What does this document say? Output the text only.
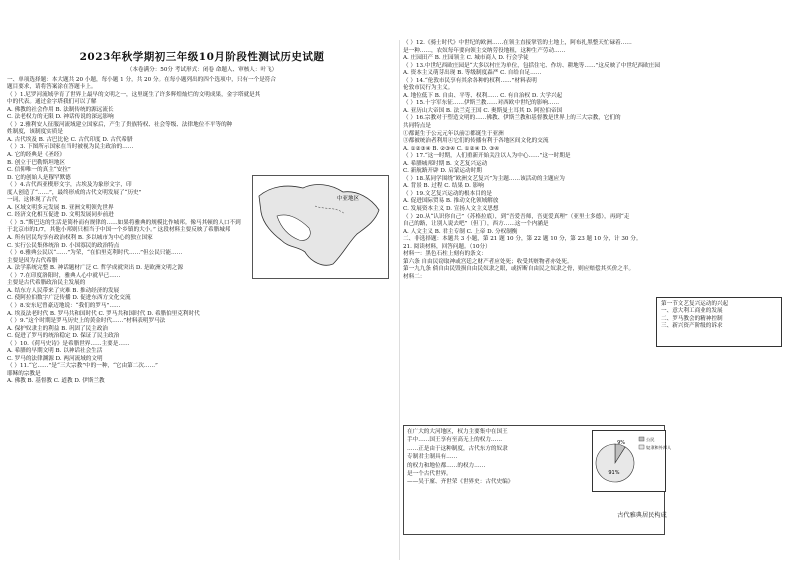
2023年秋学期初三年级10月阶段性测试历史试题
（本卷满分：50分 考试形式：闭卷 命题人、审核人：叶飞）
一、单项选择题：本大题共 20 小题，每小题 1 分，共 20 分。在每小题列出的四个选项中，只有一个是符合
题目要求，请将答案涂在答题卡上。
（ ）1.尼罗河流域孕育了世界上最早的文明之一，这里诞生了许多辉煌灿烂的文明成果，金字塔就是其
中的代表。通过金字塔我们可以了解
A. 佛教的社会作用 B. 法制传统的源远流长
C. 法老权力的无限 D. 神话传说的深远影响
（ ）2.雅利安人征服河流域建立国家后，产生了贵族特权、社会等级、法律地位不平等的种
姓制度，该制度实质是
A. 古代埃及 B. 古巴比伦 C. 古代印度 D. 古代希腊
（ ）3. 下图所示国家在当时被视为民主政治的……
A. 它的经典是《圣经》
B. 创立于巴勒斯坦地区
C. 信仰唯一的真主“安拉”
D. 它的创始人是穆罕默德
（ ）4.古代西亚楔形文字，古埃及为象形文字，印
度人创造了“……”，最终形成的古代文明发展了“历史”
一词，这体现了古代
A. 区域文明多元发展 B. 亚洲文明领先世界
C. 经济文化相互促进 D. 文明发展同步前进
（ ）5.“斯巴达的生活是简朴而有规律的……如果将雅典的规模比作城邦。像马其顿的人口不到
于北京市的1/7，其他小邦则只相当于中国一个乡镇的大小。” 这段材料主要反映了希腊城邦
A. 所有居民均享有政治权利 B. 多以城市为中心的独立国家
C. 实行公民集体统治 D. 小国寡民的政治特点
（ ）6.雅典公民以“……”为荣，“在伯里克利时代……”但公民只能……
主要是因为古代希腊
A. 法学系统完整 B. 神话题材广泛 C. 哲学成就突出 D. 是欧洲文明之源
（ ）7.在印度洛阳时，雅典人心中就早已……
主要是古代希腊政治民主发展的
A. 结东方人民带来了灾难 B. 推动经济的发展
C. 使阿拉伯数字广泛传播 D. 促进东西方文化交流
（ ）8.安东尼曾豪迈地说：“我们的罗马”……
A. 埃及法老时代 B. 罗马共和国时代 C. 罗马共和国时代 D. 希腊伯里克利时代
（ ）9.“这个时期是罗马历史上的黄金时代……”材料表明罗马法
A. 保护奴隶主的利益 B. 巩固了民主政治
C. 促进了罗马的统治稳定 D. 保证了民主政治
（ ）10.《荷马史诗》是希腊世界……主要是……
A. 希腊的早期文明 B. 以神话社会生活
C. 罗马的法律渊源 D. 两河流域的文明
（ ）11.“它……”是“三大宗教”中的一种，“它由第二次……”
耶稣的宗教是
A. 佛教 B. 基督教 C. 道教 D. 伊斯兰教
（ ）12.《骑士时代》中世纪的欧洲……在领主直接掌管的土地上，阿布扎黑整天忙碌着……
是一种……，农奴每年要向领主交纳劳役地租，这种生产劳动……
A. 庄园田产 B. 庄园领主 C. 城市商人 D. 行会学徒
（ ）13.中世纪西欧庄园是“大多以村庄为单位，包括住宅、作坊、耕地等……”这反映了中世纪西欧庄园
A. 资本主义萌芽出现 B. 等级制度森严 C. 自给自足……
（ ）14.“伦敦市民享有其余各种的权利……”材料表明
伦敦市民行为主义。
A. 地位低下 B. 自由、平等、权利…… C. 有自治权 D. 大学兴起
（ ）15.十字军东征……伊斯兰教……对西欧中世纪的影响……
A. 亚历山大帝国 B. 法兰克王国 C. 奥斯曼土耳其 D. 阿拉伯帝国
（ ）16.宗教对于塑造文明的……佛教、伊斯兰教和基督教是世界上的三大宗教，它们的
共同特点是
①都诞生于公元元年以前②都诞生于亚洲
③都被统治者利用④它们的传播有利于各地区间文化的交流
A. ①②③④ B. ②③④ C. ①②④ D. ③④
（ ）17.“这一时期，人们重新开始关注以人为中心……”这一时期是
A. 希腊城邦时期 B. 文艺复兴运动
C. 新航路开辟 D. 启蒙运动时期
（ ）18.某同学围绕“欧洲文艺复兴”为主题……该活动的主题应为
A. 背景 B. 过程 C. 结果 D. 影响
（ ）19.文艺复兴运动的根本目的是
A. 促进国际贸易 B. 推动文化领域解放
C. 发展资本主义 D. 宣扬人文主义思想
（ ）20.从“认识你自己”（苏格拉底），到“吾爱吾师，吾更爱真理”（亚里士多德），再到“走
自己的路，让别人说去吧”（但丁），西方……这一个内涵是
A. 人文主义 B. 君主专制 C. 上帝 D. 分权制衡
二、非选择题：本题共 3 小题，第 21 题 10 分，第 22 题 10 分，第 23 题 10 分，计 30 分。
21. 阅读材料，回答问题。（10分）
材料一：黑色石柱上刻有的条文：
第六条 自由民窃取神或宫廷之财产者应处死；收受其赃物者亦处死。
第一九九条 倘自由民毁损自由民奴隶之眼，或折断自由民之奴隶之骨，则应赔偿其买价之半。
材料二：
中亚地区
第一节文艺复兴运动的兴起
一、意大利工商业的发展
二、罗马教会的精神控制
三、新兴资产阶级的诉求
在广大的大河地区，权力主要集中在国王
手中……国王享有至高无上的权力……
……正是由于这种制度，古代东方的奴隶
专制君主制具有……
的权力和地位都……的权力……
是一个古代世界。
——吴于廑、齐世荣《世界史：古代史编》
9%
91%
公民
奴隶和外邦人
古代雅典居民构成
